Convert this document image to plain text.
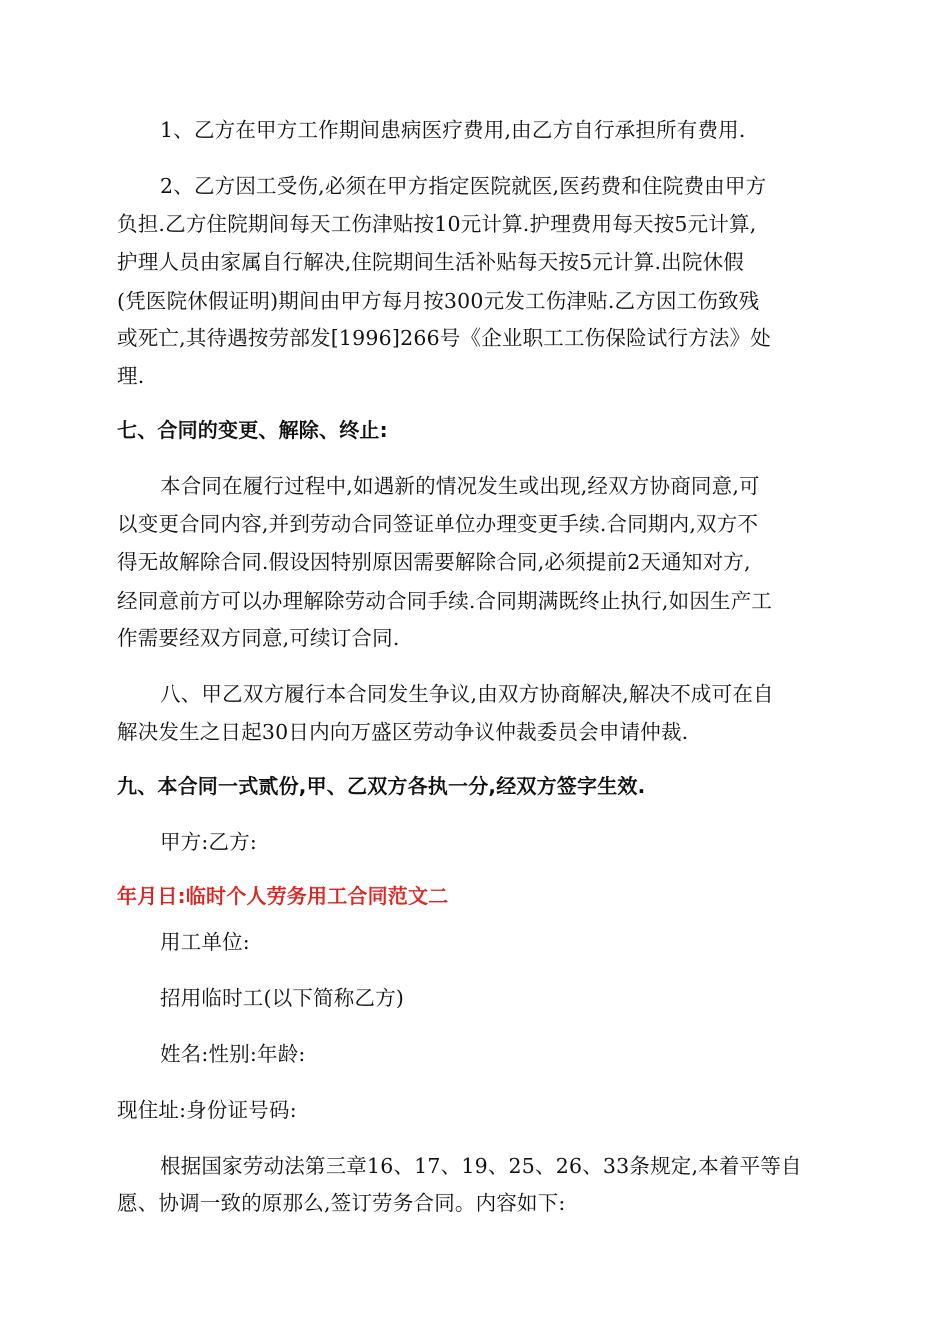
1、乙方在甲方工作期间患病医疗费用,由乙方自行承担所有费用.
2、乙方因工受伤,必须在甲方指定医院就医,医药费和住院费由甲方
负担.乙方住院期间每天工伤津贴按10元计算.护理费用每天按5元计算,
护理人员由家属自行解决,住院期间生活补贴每天按5元计算.出院休假
(凭医院休假证明)期间由甲方每月按300元发工伤津贴.乙方因工伤致残
或死亡,其待遇按劳部发[1996]266号《企业职工工伤保险试行方法》处
理.
七、合同的变更、解除、终止:
本合同在履行过程中,如遇新的情况发生或出现,经双方协商同意,可
以变更合同内容,并到劳动合同签证单位办理变更手续.合同期内,双方不
得无故解除合同.假设因特别原因需要解除合同,必须提前2天通知对方,
经同意前方可以办理解除劳动合同手续.合同期满既终止执行,如因生产工
作需要经双方同意,可续订合同.
八、甲乙双方履行本合同发生争议,由双方协商解决,解决不成可在自
解决发生之日起30日内向万盛区劳动争议仲裁委员会申请仲裁.
九、本合同一式贰份,甲、乙双方各执一分,经双方签字生效.
甲方:乙方:
年月日:临时个人劳务用工合同范文二
用工单位:
招用临时工(以下简称乙方)
姓名:性别:年龄:
现住址:身份证号码:
根据国家劳动法第三章16、17、19、25、26、33条规定,本着平等自
愿、协调一致的原那么,签订劳务合同。内容如下:
